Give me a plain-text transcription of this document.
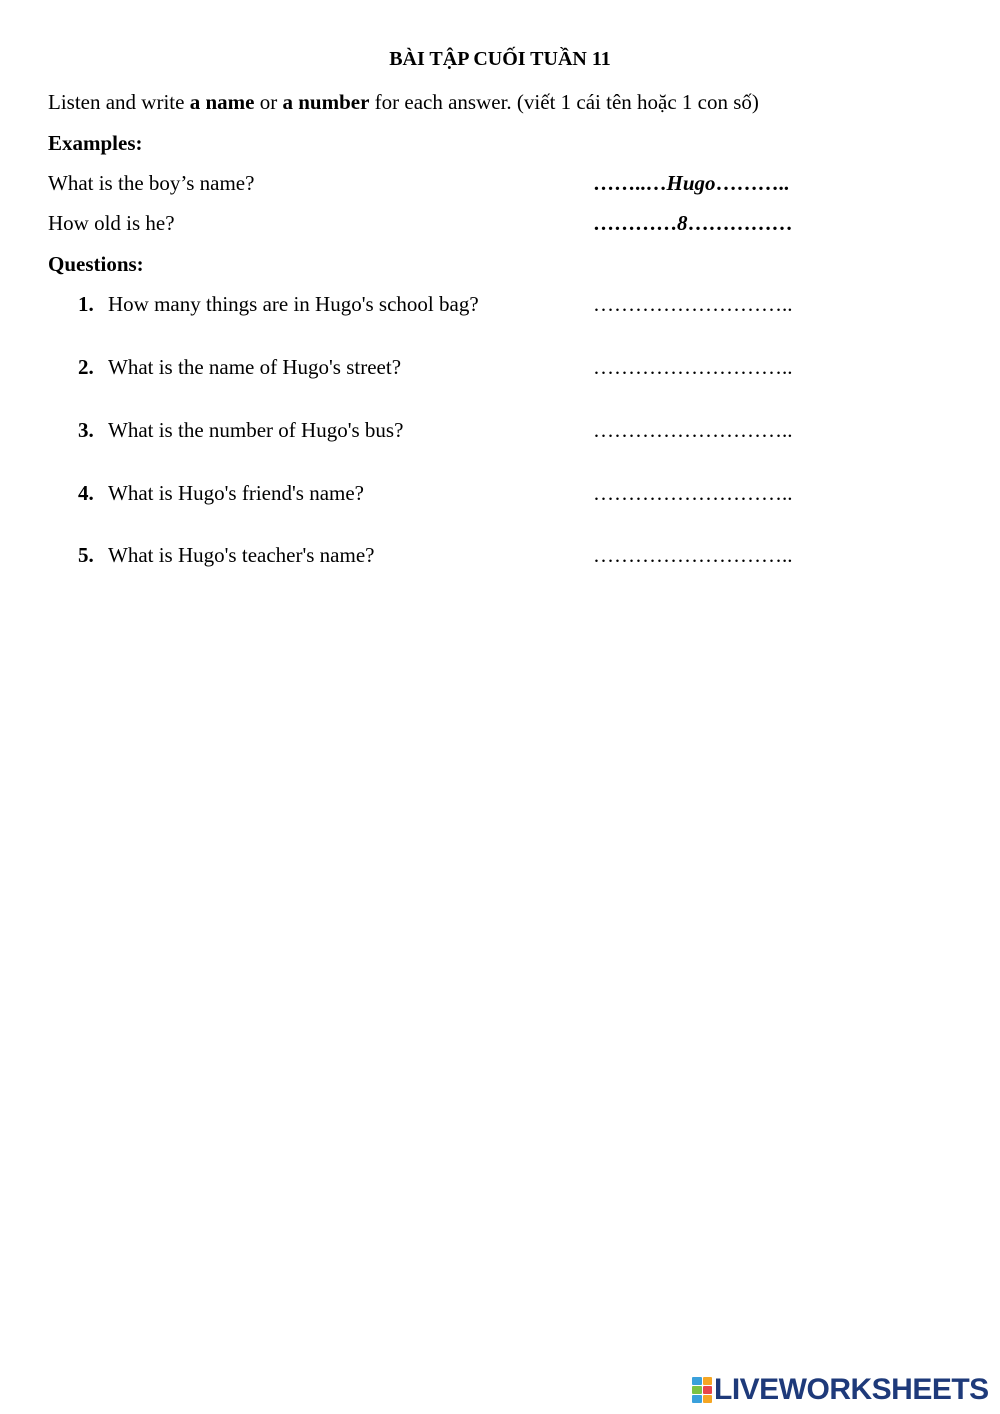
BÀI TẬP CUỐI TUẦN 11
Listen and write a name or a number for each answer. (viết 1 cái tên hoặc 1 con số)
Examples:
What is the boy’s name?	……..…Hugo………..
How old is he?	…………8……………
Questions:
1. How many things are in Hugo's school bag?	………………………..
2. What is the name of Hugo's street?	………………………..
3. What is the number of Hugo's bus?	………………………..
4. What is Hugo's friend's name?	………………………..
5. What is Hugo's teacher's name?	………………………..
LIVEWORKSHEETS
